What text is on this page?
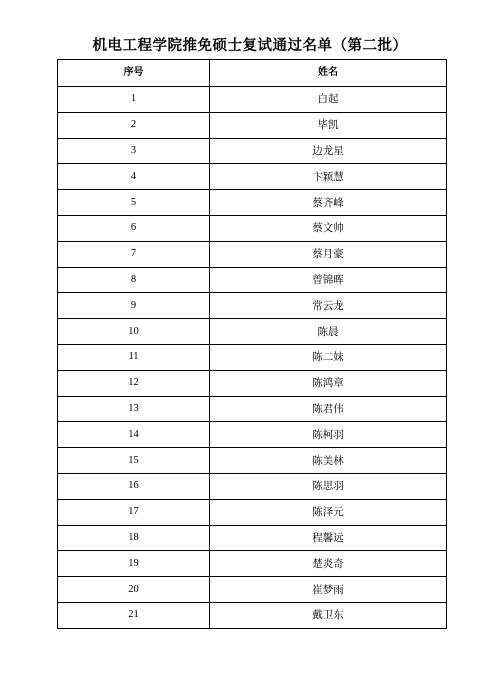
机电工程学院推免硕士复试通过名单（第二批）
序号	姓名
1	白起
2	毕凯
3	边龙星
4	卞颖慧
5	蔡齐峰
6	蔡文帅
7	蔡月豪
8	曾锦晖
9	常云龙
10	陈晨
11	陈二妹
12	陈鸿章
13	陈君伟
14	陈柯羽
15	陈美林
16	陈思羽
17	陈泽元
18	程馨远
19	楚炎奇
20	崔梦雨
21	戴卫东
